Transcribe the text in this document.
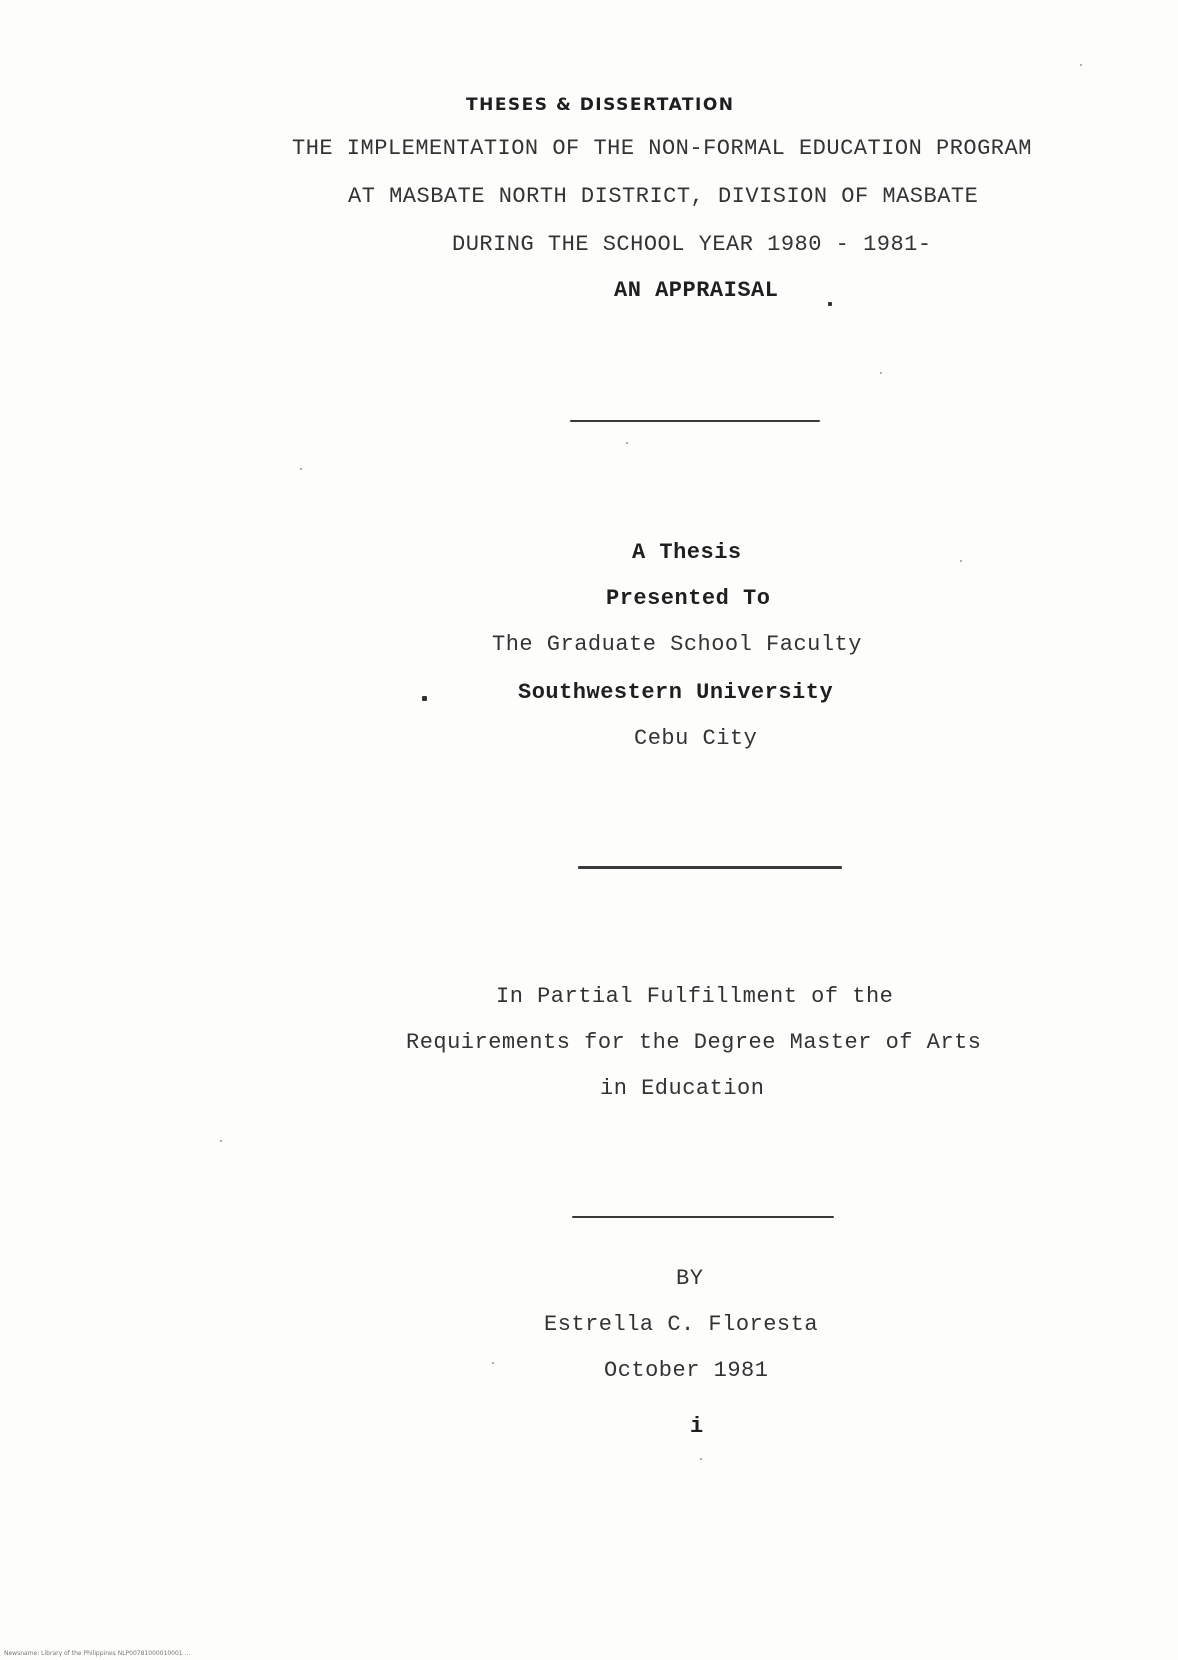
THESES & DISSERTATION
THE IMPLEMENTATION OF THE NON-FORMAL EDUCATION PROGRAM
AT MASBATE NORTH DISTRICT, DIVISION OF MASBATE
DURING THE SCHOOL YEAR 1980 - 1981-
AN APPRAISAL
A Thesis
Presented To
The Graduate School Faculty
Southwestern University
Cebu City
In Partial Fulfillment of the
Requirements for the Degree Master of Arts
in Education
BY
Estrella C. Floresta
October 1981
i
Newsname: Library of the Philippines NLP00781000010001 ...
